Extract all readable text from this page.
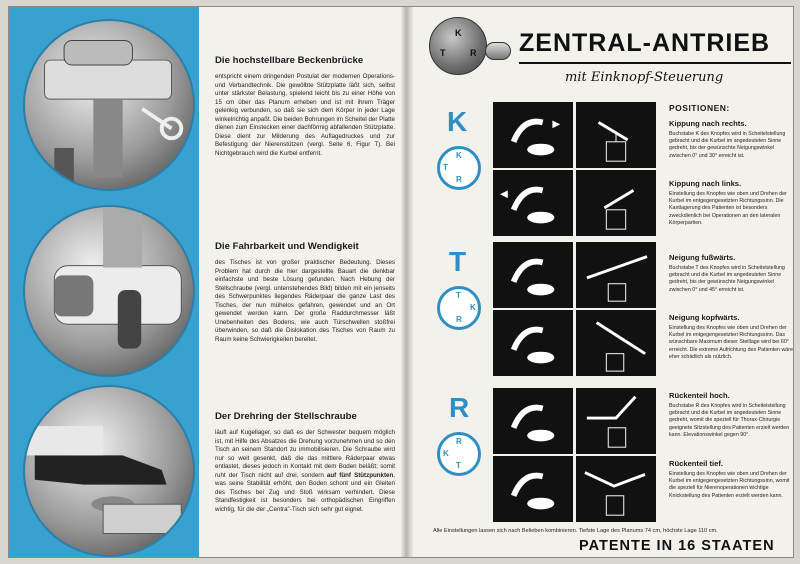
Die hochstellbare Beckenbrücke

entspricht einem dringenden Postulat der modernen Operations- und Verbandtechnik. Die gewölbte Stützplatte läßt sich, selbst unter stärkster Belastung, spielend leicht bis zu einer Höhe von 15 cm über das Planum erheben und ist mit ihrem Träger gelenkig verbunden, so daß sie sich dem Körper in jeder Lage winkelrichtig anpaßt. Die beiden Bohrungen im Scheitel der Platte dienen zum Einstecken einer dachförmig abfallenden Stützplatte. Diese dient zur Milderung des Auflagedruckes und zur Befestigung der Nierenstützen (vergl. Seite 6, Figur T). Bei Nichtgebrauch wird die Kurbel entfernt.

Die Fahrbarkeit und Wendigkeit

des Tisches ist von großer praktischer Bedeutung. Dieses Problem hat durch die hier dargestellte Bauart die denkbar einfachste und beste Lösung gefunden. Nach Hebung der Stellschraube (vergl. untenstehendes Bild) bilden mit ein jenseits des Schwerpunktes liegendes Räderpaar die ganze Last des Tisches, der nun mühelos gefahren, gewendet und an Ort gewendet werden kann. Der große Raddurchmesser läßt Unebenheiten des Bodens, wie auch Türschwellen stoßfrei überwinden, so daß die Dislokation des Tisches von Raum zu Raum keine Schwierigkeiten bereitet.

Der Drehring der Stellschraube

läuft auf Kugellager, so daß es der Schwester bequem möglich ist, mit Hilfe des Absatzes die Drehung vorzunehmen und so den Tisch an seinem Standort zu immobilisieren. Die Schraube wird nur so weit gesenkt, daß die das mittlere Räderpaar etwas entlastet, dieses jedoch in Kontakt mit dem Boden beläßt; somit ruht der Tisch nicht auf drei, sondern auf fünf Stützpunkten, was seine Stabilität erhöht, den Boden schont und ein Gleiten des Tisches bei Zug und Stoß wirksam verhindert. Diese Standfestigkeit ist besonders bei orthopädischen Eingriffen wichtig, für die der „Centra"-Tisch sich sehr gut eignet.

K
R
T	ZENTRAL-ANTRIEB
mit Einknopf-Steuerung
K
K
R
T
T
T
K
R
R
R
T
K
POSITIONEN:
Kippung nach rechts.

Buchstabe K des Knopfes wird in Scheitelstellung gebracht und die Kurbel im angedeuteten Sinne gedreht, bis der gewünschte Neigungswinkel zwischen 0° und 30° erreicht ist.

Kippung nach links.

Einstellung des Knopfes wie oben und Drehen der Kurbel im entgegengesetzten Richtungssinn. Die Kantlagerung des Patienten ist besonders zweckdienlich bei Operationen an den lateralen Körperpartien.

Neigung fußwärts.

Buchstabe T des Knopfes wird in Scheitelstellung gebracht und die Kurbel im angedeuteten Sinne gedreht, bis der gewünschte Neigungswinkel zwischen 0° und 45° erreicht ist.

Neigung kopfwärts.

Einstellung des Knopfes wie oben und Drehen der Kurbel im entgegengesetzten Richtungssinn. Das wünschbare Maximum dieser Steillage wird bei 60° erreicht. Die extreme Aufrichtung des Patienten wäre eher schädlich als nützlich.

Rückenteil hoch.

Buchstabe R des Knopfes wird in Scheitelstellung gebracht und die Kurbel im angedeuteten Sinne gedreht, womit die speziell für Thorax-Chirurgie geeignete Sitzstellung des Patienten erzielt werden kann. Elevationswinkel gegen 90°.

Rückenteil tief.

Einstellung des Knopfes wie oben und Drehen der Kurbel im entgegengesetzten Richtungssinn, womit die speziell für Nierenoperationen wichtige Knickstellung des Patienten erzielt werden kann.

Alle Einstellungen lassen sich nach Belieben kombinieren. Tiefste Lage des Planums 74 cm, höchste Lage 110 cm.
PATENTE IN 16 STAATEN
